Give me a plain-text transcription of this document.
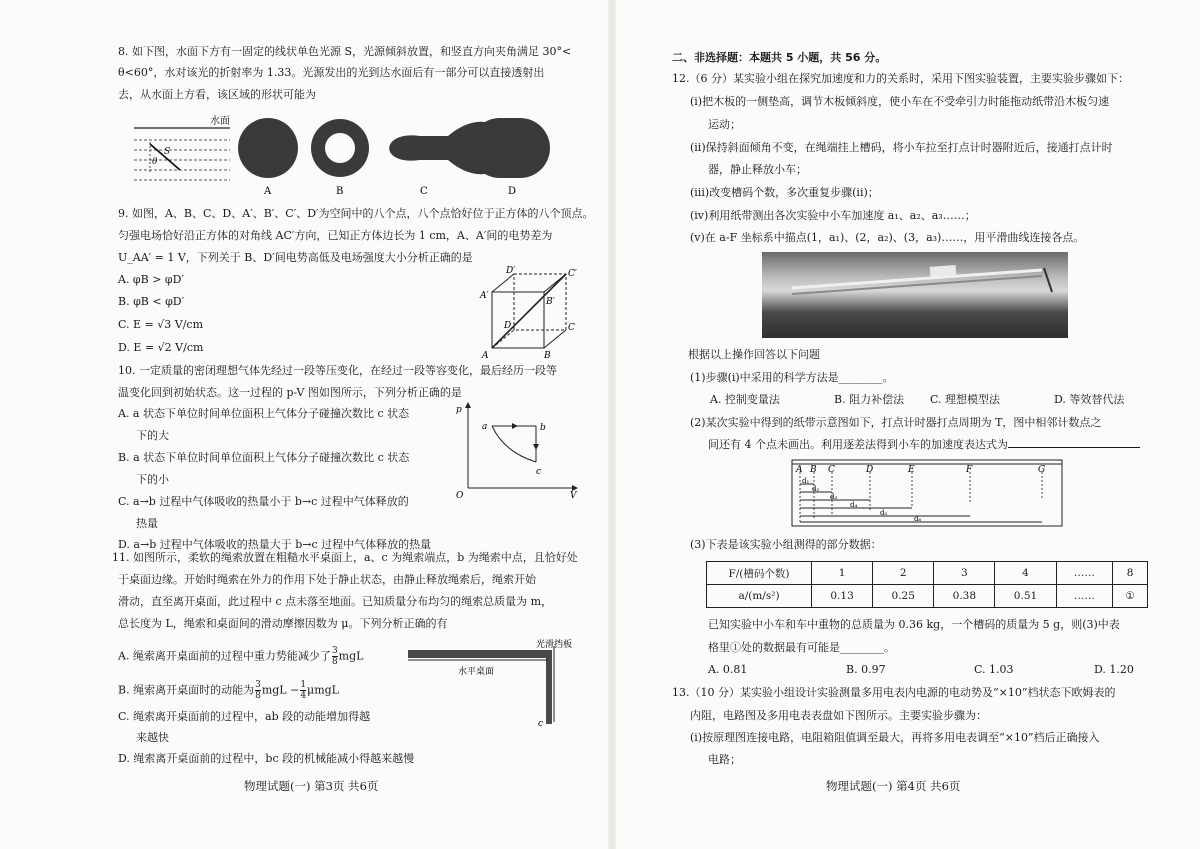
8. 如下图，水面下方有一固定的线状单色光源 S，光源倾斜放置，和竖直方向夹角满足 30°<
θ<60°，水对该光的折射率为 1.33。光源发出的光到达水面后有一部分可以直接透射出
去，从水面上方看，该区域的形状可能为
水面
S
θ
A	B	C	D
9. 如图，A、B、C、D、A′、B′、C′、D′为空间中的八个点，八个点恰好位于正方体的八个顶点。
匀强电场恰好沿正方体的对角线 AC′方向，已知正方体边长为 1 cm，A、A′间的电势差为
U_AA′ = 1 V，下列关于 B、D′间电势高低及电场强度大小分析正确的是
A. φB > φD′
B. φB < φD′
C. E = √3 V/cm
D. E = √2 V/cm
D′	C′
A′
B′
D	C
A	B
10. 一定质量的密闭理想气体先经过一段等压变化，在经过一段等容变化，最后经历一段等
温变化回到初始状态。这一过程的 p-V 图如图所示，下列分析正确的是
A. a 状态下单位时间单位面积上气体分子碰撞次数比 c 状态
下的大
B. a 状态下单位时间单位面积上气体分子碰撞次数比 c 状态
下的小
C. a→b 过程中气体吸收的热量小于 b→c 过程中气体释放的
热量
D. a→b 过程中气体吸收的热量大于 b→c 过程中气体释放的热量
p
V
O
a	b
c
11. 如图所示，柔软的绳索放置在粗糙水平桌面上，a、c 为绳索端点，b 为绳索中点，且恰好处
于桌面边缘。开始时绳索在外力的作用下处于静止状态，由静止释放绳索后，绳索开始
滑动，直至离开桌面，此过程中 c 点未落至地面。已知质量分布均匀的绳索总质量为 m，
总长度为 L，绳索和桌面间的滑动摩擦因数为 μ。下列分析正确的有
A. 绳索离开桌面前的过程中重力势能减少了 $\frac{3}{8}$ mgL
B. 绳索离开桌面时的动能为 $\frac{3}{8}$ mgL − $\frac{1}{4}$ μmgL
C. 绳索离开桌面前的过程中，ab 段的动能增加得越
来越快
D. 绳索离开桌面前的过程中，bc 段的机械能减小得越来越慢
光滑挡板
水平桌面
c
物理试题(一) 第3页 共6页
二、非选择题：本题共 5 小题，共 56 分。
12.（6 分）某实验小组在探究加速度和力的关系时，采用下图实验装置，主要实验步骤如下：
(i)把木板的一侧垫高，调节木板倾斜度，使小车在不受牵引力时能拖动纸带沿木板匀速
运动；
(ii)保持斜面倾角不变，在绳端挂上槽码，将小车拉至打点计时器附近后，接通打点计时
器，静止释放小车；
(iii)改变槽码个数，多次重复步骤(ii)；
(iv)利用纸带测出各次实验中小车加速度 a₁、a₂、a₃……；
(v)在 a-F 坐标系中描点(1，a₁)、(2，a₂)、(3，a₃)……，用平滑曲线连接各点。
根据以上操作回答以下问题
(1)步骤(i)中采用的科学方法是________。
A. 控制变量法	B. 阻力补偿法 C. 理想模型法	D. 等效替代法
(2)某次实验中得到的纸带示意图如下，打点计时器打点周期为 T，图中相邻计数点之
间还有 4 个点未画出。利用逐差法得到小车的加速度表达式为
A B C	D	E	F	G
d₁
d₂
d₃
d₄
d₅
d₆
(3)下表是该实验小组测得的部分数据：
F/(槽码个数)	1	2	3	4	……	8
a/(m/s²)	0.13	0.25	0.38	0.51	……	①
已知实验中小车和车中重物的总质量为 0.36 kg，一个槽码的质量为 5 g，则(3)中表
格里①处的数据最有可能是________。
A. 0.81	B. 0.97	C. 1.03	D. 1.20
13.（10 分）某实验小组设计实验测量多用电表内电源的电动势及“×10”档状态下欧姆表的
内阻，电路图及多用电表表盘如下图所示。主要实验步骤为：
(i)按原理图连接电路，电阻箱阻值调至最大，再将多用电表调至“×10”档后正确接入
电路；
物理试题(一) 第4页 共6页
